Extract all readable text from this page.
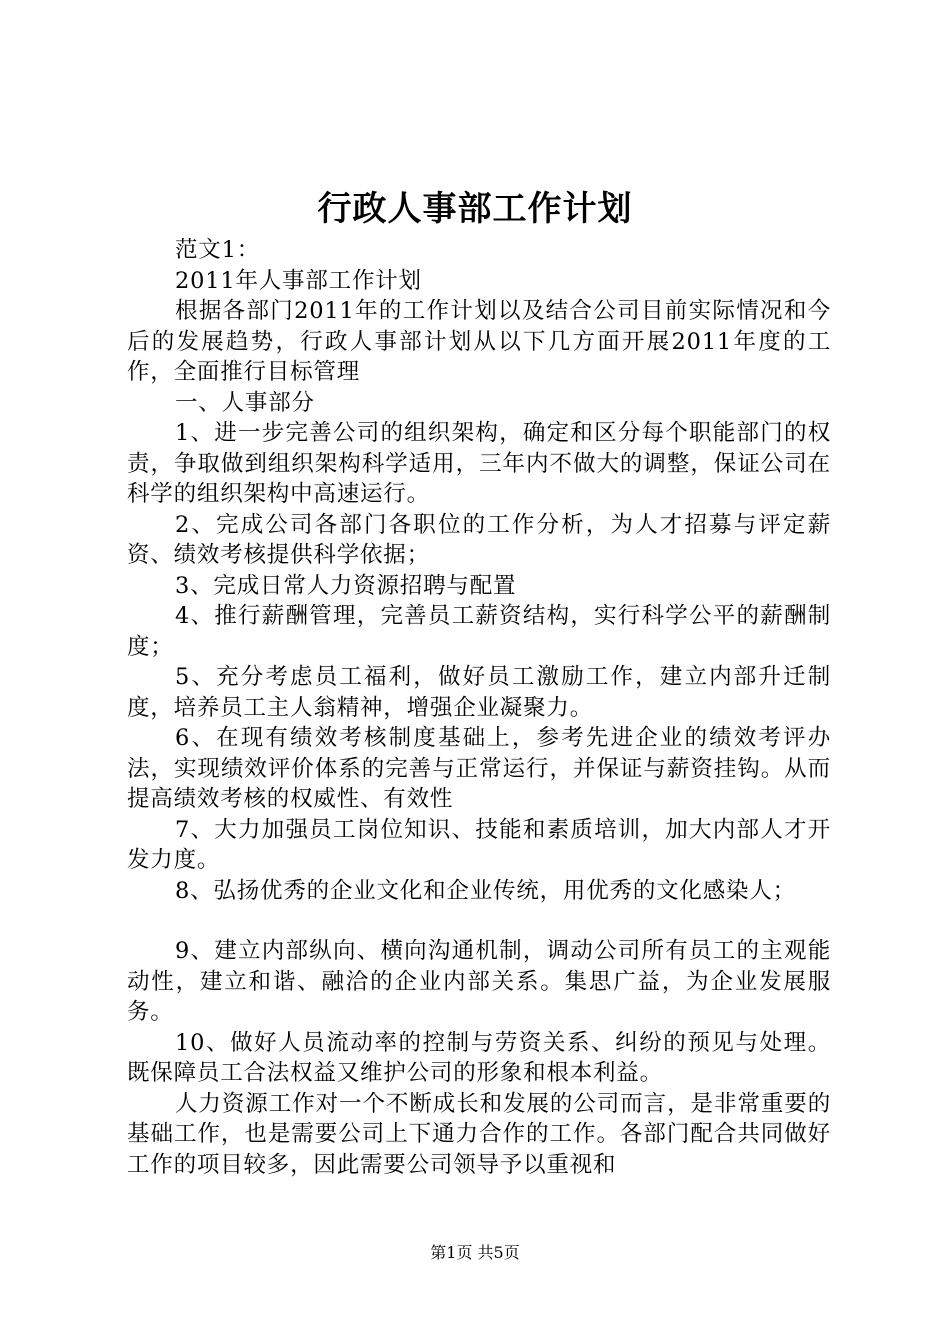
行政人事部工作计划

范文1：

2011年人事部工作计划

根据各部门2011年的工作计划以及结合公司目前实际情况和今后的发展趋势，行政人事部计划从以下几方面开展2011年度的工作，全面推行目标管理

一、人事部分

1、进一步完善公司的组织架构，确定和区分每个职能部门的权责，争取做到组织架构科学适用，三年内不做大的调整，保证公司在科学的组织架构中高速运行。

2、完成公司各部门各职位的工作分析，为人才招募与评定薪资、绩效考核提供科学依据；

3、完成日常人力资源招聘与配置

4、推行薪酬管理，完善员工薪资结构，实行科学公平的薪酬制度；

5、充分考虑员工福利，做好员工激励工作，建立内部升迁制度，培养员工主人翁精神，增强企业凝聚力。

6、在现有绩效考核制度基础上，参考先进企业的绩效考评办法，实现绩效评价体系的完善与正常运行，并保证与薪资挂钩。从而提高绩效考核的权威性、有效性

7、大力加强员工岗位知识、技能和素质培训，加大内部人才开发力度。

8、弘扬优秀的企业文化和企业传统，用优秀的文化感染人；

9、建立内部纵向、横向沟通机制，调动公司所有员工的主观能动性，建立和谐、融洽的企业内部关系。集思广益，为企业发展服务。

10、做好人员流动率的控制与劳资关系、纠纷的预见与处理。既保障员工合法权益又维护公司的形象和根本利益。

人力资源工作对一个不断成长和发展的公司而言，是非常重要的基础工作，也是需要公司上下通力合作的工作。各部门配合共同做好工作的项目较多，因此需要公司领导予以重视和

第1页 共5页
